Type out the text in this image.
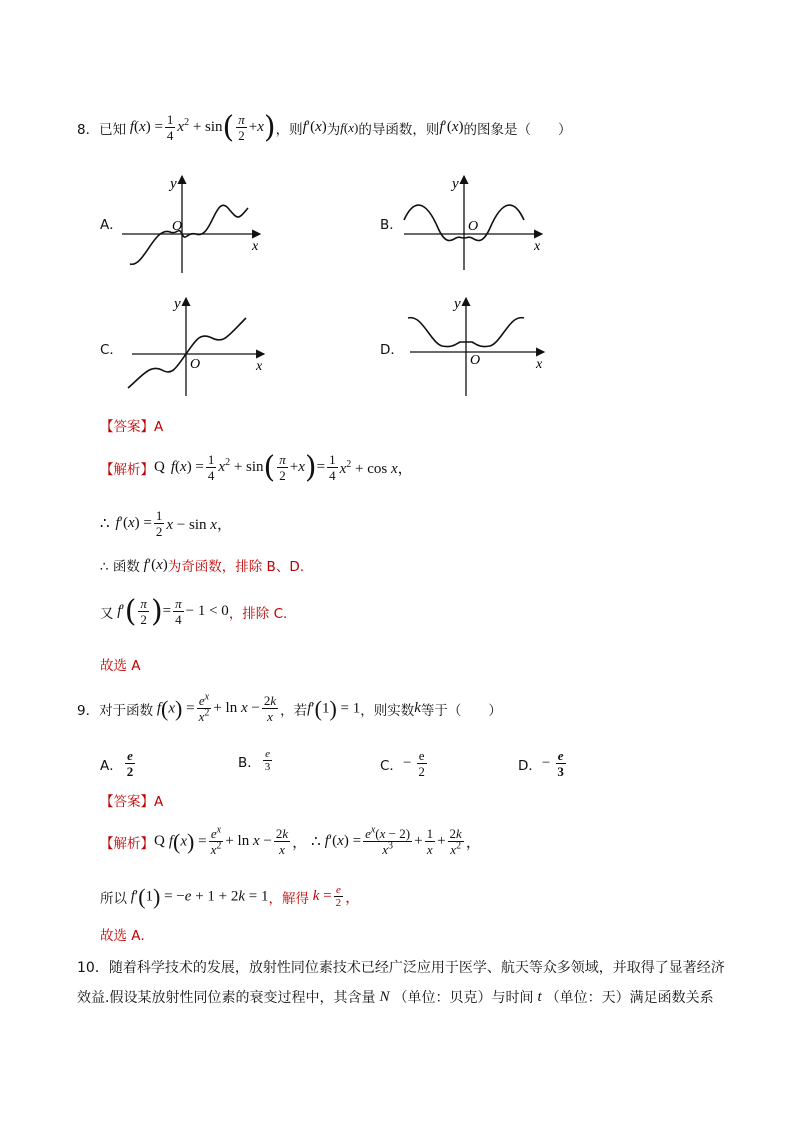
8． 已知 $f(x) = \frac{1}{4} x^2 + \sin$ ( $\frac{\pi}{2} +x$ ) ，则 f′(x) 为 f(x) 的导函数，则 f′(x) 的图象是（　　）
A．	B．
C．	D．
y
x
O
y
x
O
y
x
O
y
x
O
【答案】A
【解析】 Q $f(x) = \frac{1}{4} x^2 + \sin$ ( $\frac{\pi}{2} +x$ ) = $\frac{1}{4} x^2 + \cos x$，
∴ $f'(x) = \frac{1}{2}$ x − sin x，
∴ 函数 f′(x) 为奇函数，排除 B、D.
又 f′ ( $\frac{\pi}{2}$ ) = $\frac{\pi}{4} - 1 < 0$ ，排除 C.
故选 A
9． 对于函数 $f(x) = \frac{e^x}{x^2} + \ln x - \frac{2k}{x}$ ，若 f′(1) = 1 ，则实数 k 等于（　　）
A． $\frac{e}{2}$	B． $\frac{e}{3}$	C． − $\frac{e}{2}$	D． − $\frac{e}{3}$
【答案】A
【解析】 Q $f(x) = \frac{e^x}{x^2} + \ln x - \frac{2k}{x}$ ， ∴ $f'(x) = \frac{e^x(x - 2)}{x^3} + \frac{1}{x} + \frac{2k}{x^2}$ ，
所以 f′(1) = −e + 1 + 2k = 1 ，解得 $k = \frac{e}{2}$ ，
故选 A．
10．随着科学技术的发展，放射性同位素技术已经广泛应用于医学、航天等众多领域，并取得了显著经济
效益.假设某放射性同位素的衰变过程中，其含量 N （单位：贝克）与时间 t （单位：天）满足函数关系
